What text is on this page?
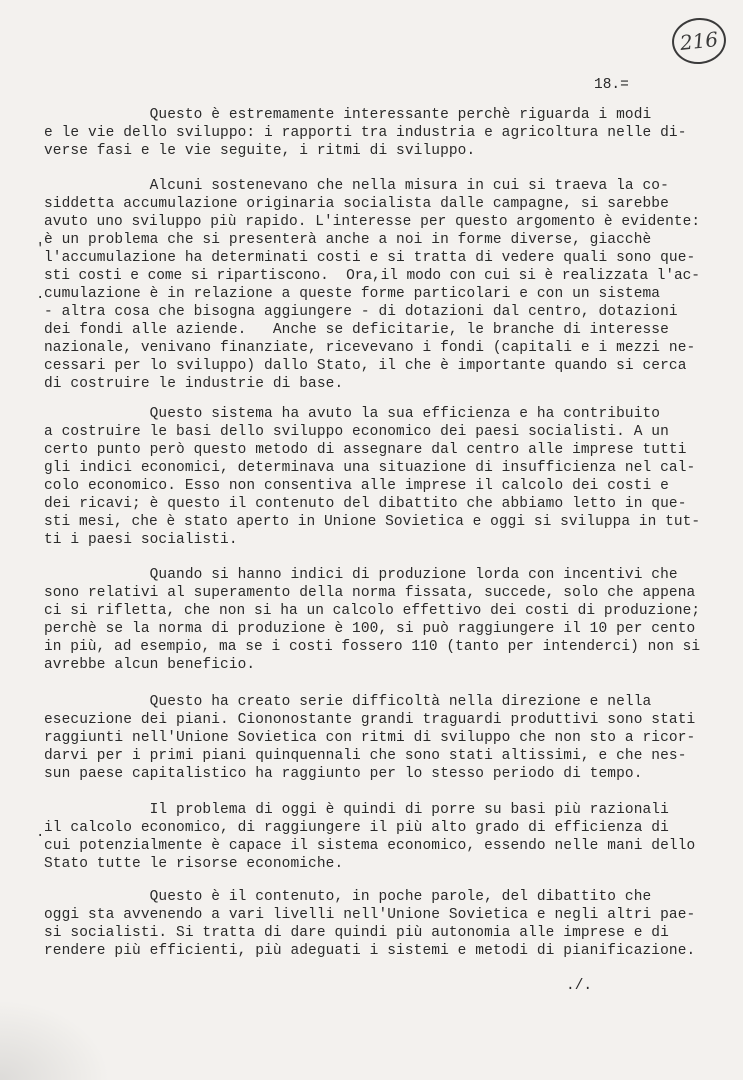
216
18.=

Questo è estremamente interessante perchè riguarda i modi

e le vie dello sviluppo: i rapporti tra industria e agricoltura nelle di-

verse fasi e le vie seguite, i ritmi di sviluppo.

Alcuni sostenevano che nella misura in cui si traeva la co-

siddetta accumulazione originaria socialista dalle campagne, si sarebbe

avuto uno sviluppo più rapido. L'interesse per questo argomento è evidente:

è un problema che si presenterà anche a noi in forme diverse, giacchè

l'accumulazione ha determinati costi e si tratta di vedere quali sono que-

sti costi e come si ripartiscono.  Ora,il modo con cui si è realizzata l'ac-

cumulazione è in relazione a queste forme particolari e con un sistema

- altra cosa che bisogna aggiungere - di dotazioni dal centro, dotazioni

dei fondi alle aziende.   Anche se deficitarie, le branche di interesse

nazionale, venivano finanziate, ricevevano i fondi (capitali e i mezzi ne-

cessari per lo sviluppo) dallo Stato, il che è importante quando si cerca

di costruire le industrie di base.

Questo sistema ha avuto la sua efficienza e ha contribuito

a costruire le basi dello sviluppo economico dei paesi socialisti. A un

certo punto però questo metodo di assegnare dal centro alle imprese tutti

gli indici economici, determinava una situazione di insufficienza nel cal-

colo economico. Esso non consentiva alle imprese il calcolo dei costi e

dei ricavi; è questo il contenuto del dibattito che abbiamo letto in que-

sti mesi, che è stato aperto in Unione Sovietica e oggi si sviluppa in tut-

ti i paesi socialisti.

Quando si hanno indici di produzione lorda con incentivi che

sono relativi al superamento della norma fissata, succede, solo che appena

ci si rifletta, che non si ha un calcolo effettivo dei costi di produzione;

perchè se la norma di produzione è 100, si può raggiungere il 10 per cento

in più, ad esempio, ma se i costi fossero 110 (tanto per intenderci) non si

avrebbe alcun beneficio.

Questo ha creato serie difficoltà nella direzione e nella

esecuzione dei piani. Ciononostante grandi traguardi produttivi sono stati

raggiunti nell'Unione Sovietica con ritmi di sviluppo che non sto a ricor-

darvi per i primi piani quinquennali che sono stati altissimi, e che nes-

sun paese capitalistico ha raggiunto per lo stesso periodo di tempo.

Il problema di oggi è quindi di porre su basi più razionali

il calcolo economico, di raggiungere il più alto grado di efficienza di

cui potenzialmente è capace il sistema economico, essendo nelle mani dello

Stato tutte le risorse economiche.

Questo è il contenuto, in poche parole, del dibattito che

oggi sta avvenendo a vari livelli nell'Unione Sovietica e negli altri pae-

si socialisti. Si tratta di dare quindi più autonomia alle imprese e di

rendere più efficienti, più adeguati i sistemi e metodi di pianificazione.

'
·
·
./.
